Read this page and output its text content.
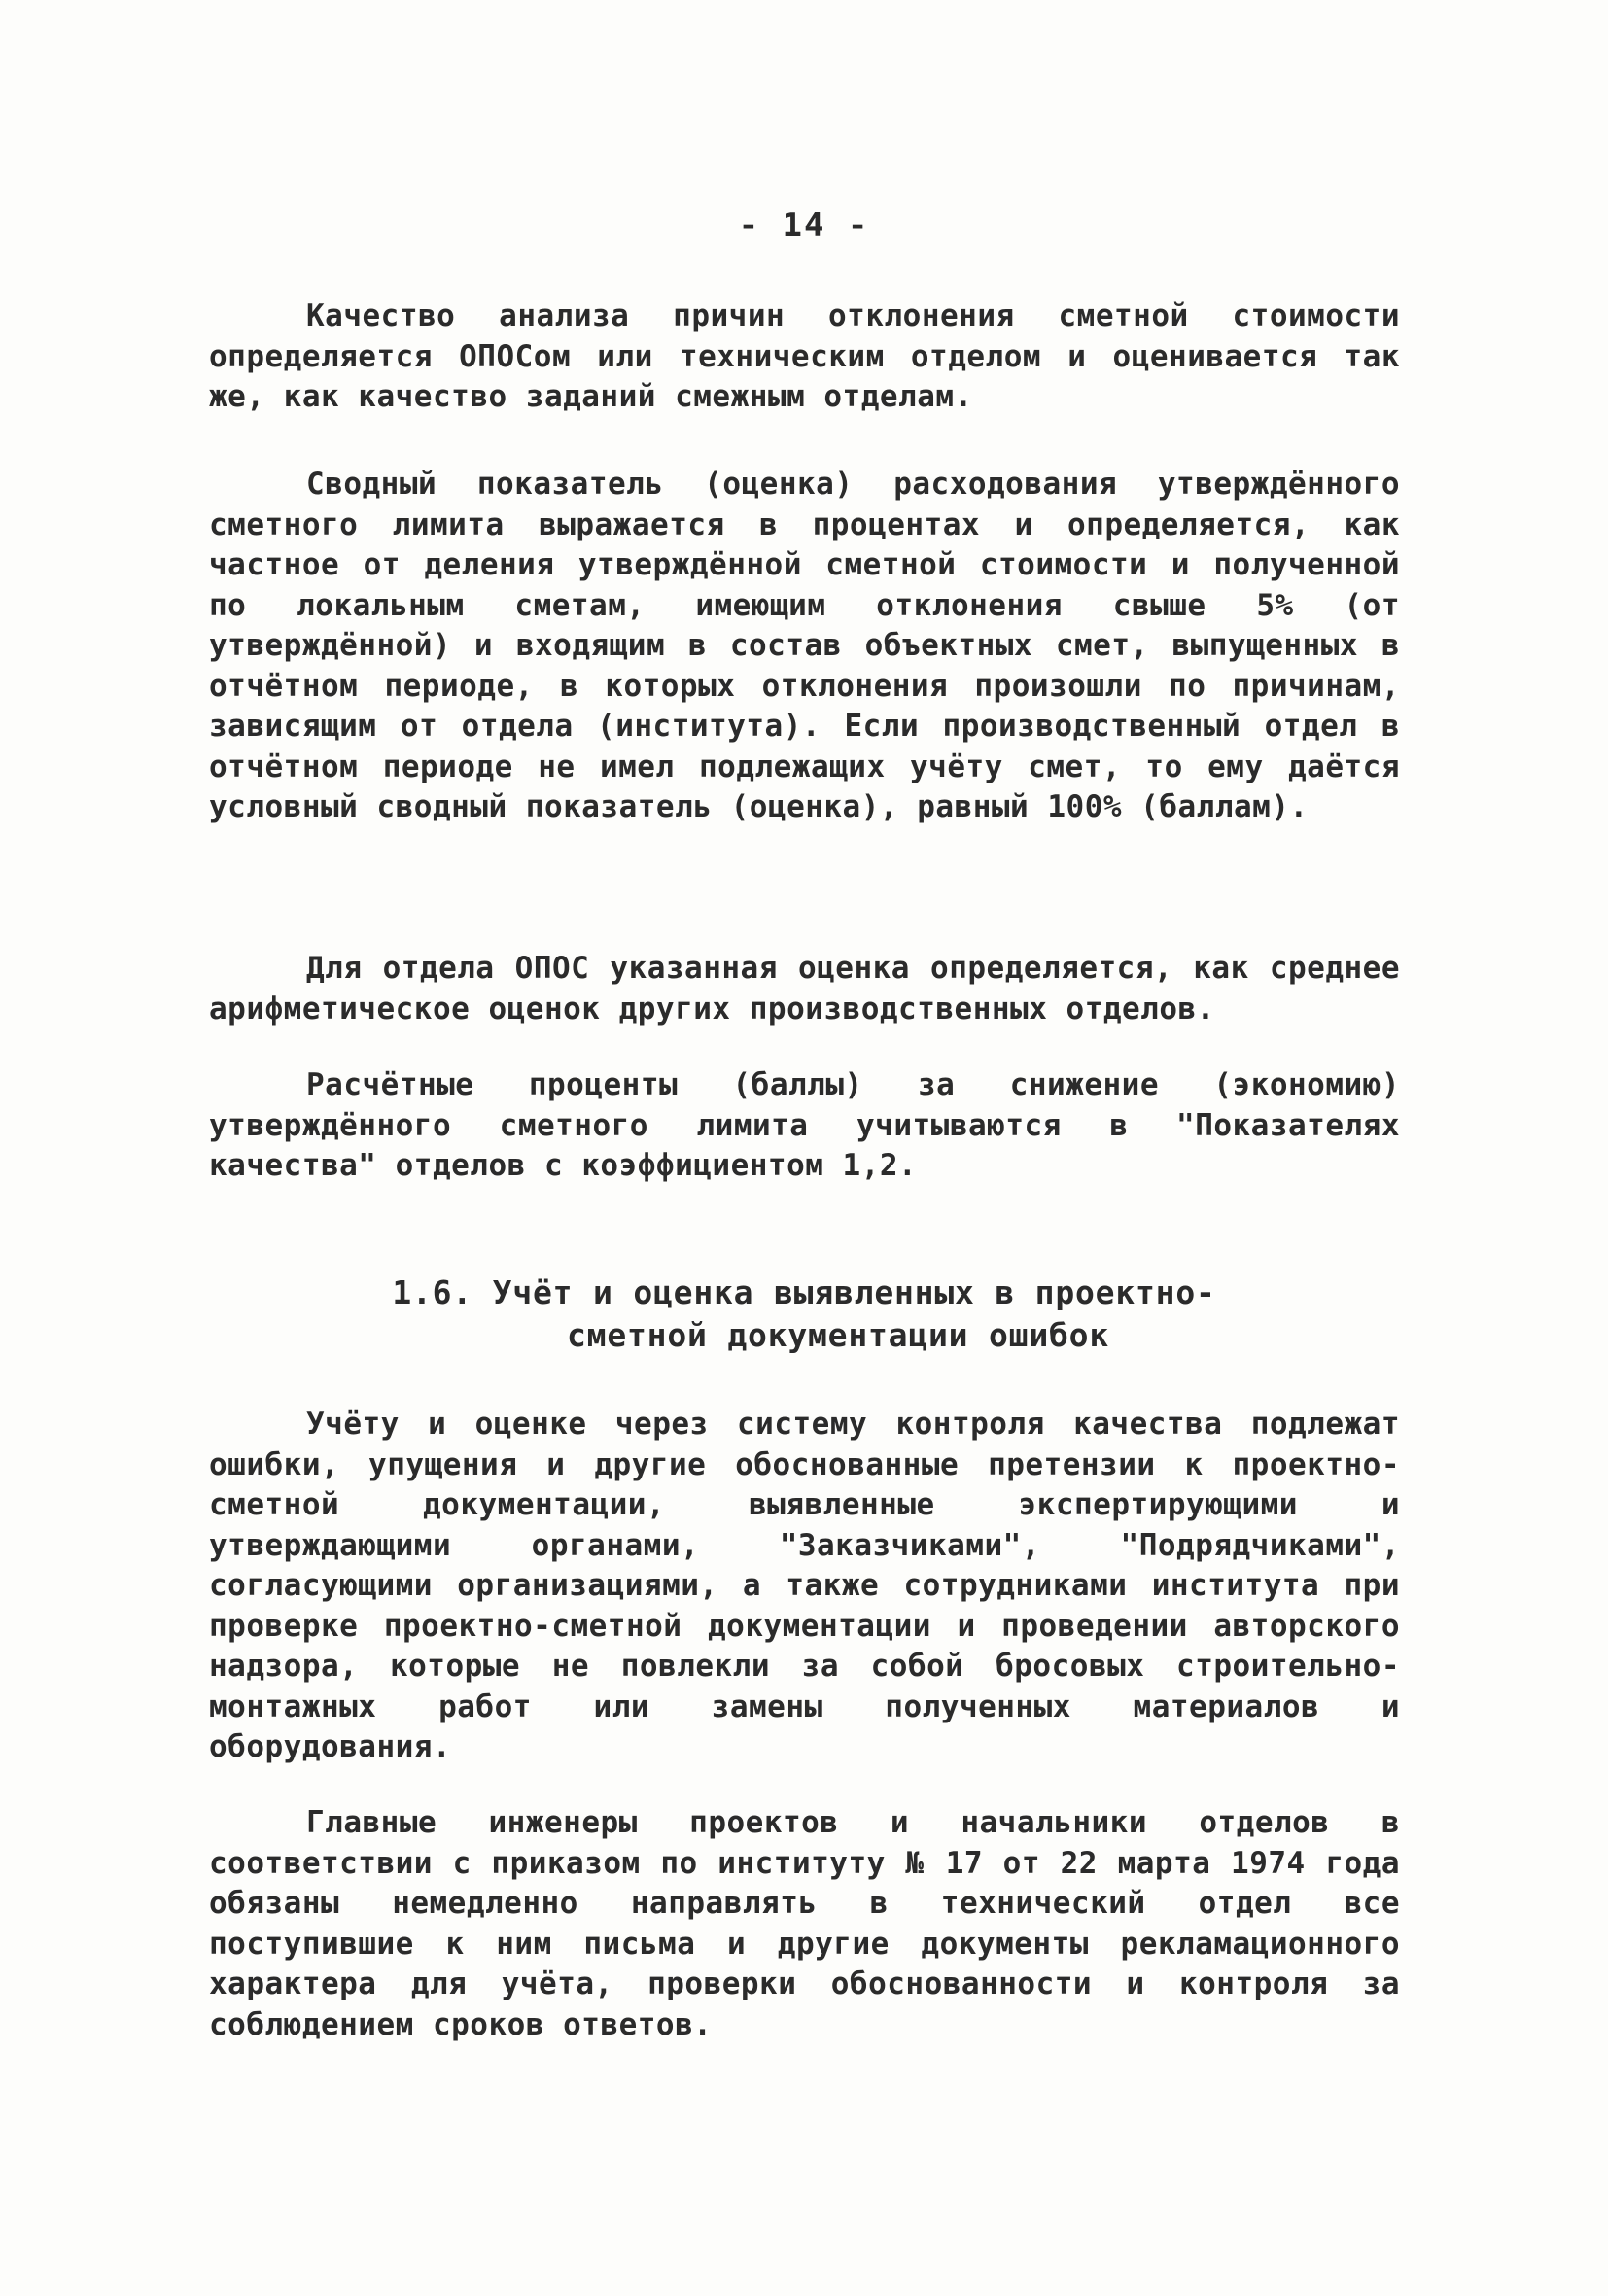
- 14 -

Качество анализа причин отклонения сметной стоимости определяется ОПОСом или техническим отделом и оценивается так же, как качество заданий смежным отделам.

Сводный показатель (оценка) расходования утверждённого сметного лимита выражается в процентах и определяется, как частное от деления утверждённой сметной стоимости и полученной по локальным сметам, имеющим отклонения свыше 5% (от утверждённой) и входящим в состав объектных смет, выпущенных в отчётном периоде, в которых отклонения произошли по причинам, зависящим от отдела (института). Если производственный отдел в отчётном периоде не имел подлежащих учёту смет, то ему даётся условный сводный показатель (оценка), равный 100% (баллам).

Для отдела ОПОС указанная оценка определяется, как среднее арифметическое оценок других производственных отделов.

Расчётные проценты (баллы) за снижение (экономию) утверждённого сметного лимита учитываются в "Показателях качества" отделов с коэффициентом 1,2.

1.6. Учёт и оценка выявленных в проектно-
сметной документации ошибок

Учёту и оценке через систему контроля качества подлежат ошибки, упущения и другие обоснованные претензии к проектно-сметной документации, выявленные экспертирующими и утверждающими органами, "Заказчиками", "Подрядчиками", согласующими организациями, а также сотрудниками института при проверке проектно-сметной документации и проведении авторского надзора, которые не повлекли за собой бросовых строительно-монтажных работ или замены полученных материалов и оборудования.

Главные инженеры проектов и начальники отделов в соответствии с приказом по институту № 17 от 22 марта 1974 года обязаны немедленно направлять в технический отдел все поступившие к ним письма и другие документы рекламационного характера для учёта, проверки обоснованности и контроля за соблюдением сроков ответов.
